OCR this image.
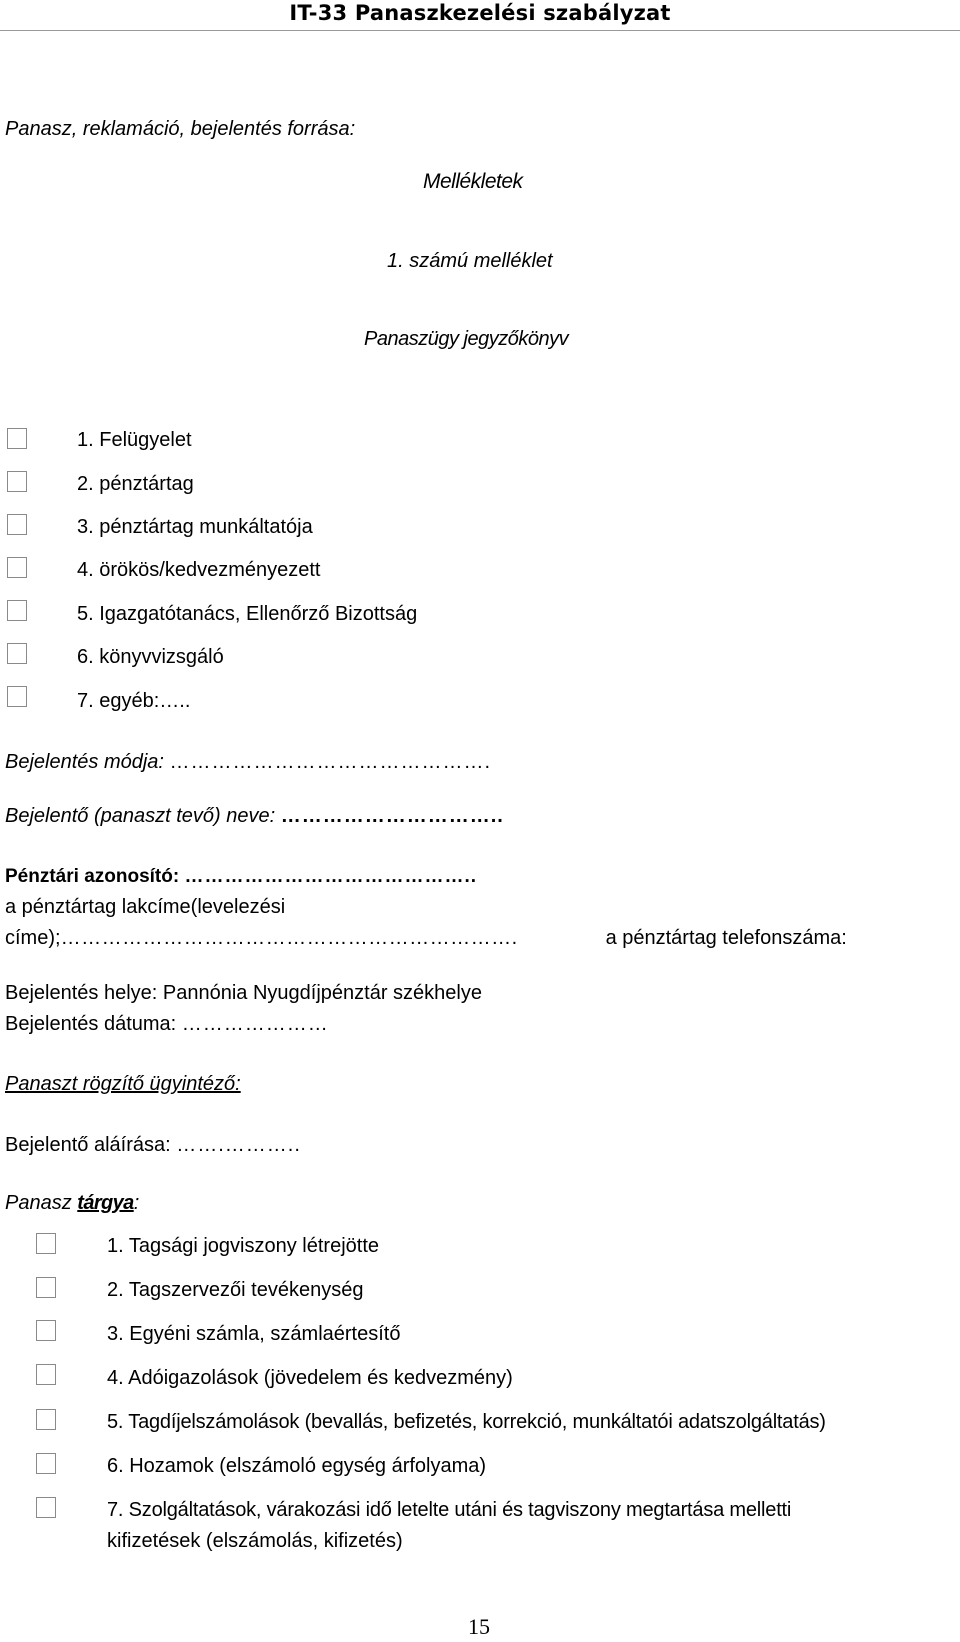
IT-33 Panaszkezelési szabályzat
Mellékletek
1. számú melléklet
Panaszügy jegyzőkönyv
Panasz, reklamáció, bejelentés forrása:
1. Felügyelet
2. pénztártag
3. pénztártag munkáltatója
4. örökös/kedvezményezett
5. Igazgatótanács, Ellenőrző Bizottság
6. könyvvizsgáló
7. egyéb:…..
Bejelentés módja: ……………………………………….
Bejelentő (panaszt tevő) neve: …………………………..
Pénztári azonosító: ……………………………………..
a pénztártag lakcíme(levelezési
címe);………………………………………………………….	a pénztártag telefonszáma:
Bejelentés helye: Pannónia Nyugdíjpénztár székhelye
Bejelentés dátuma: …………………
Panaszt rögzítő ügyintéző:
Bejelentő aláírása: …….………..
Panasz tárgya:
1. Tagsági jogviszony létrejötte
2. Tagszervezői tevékenység
3. Egyéni számla, számlaértesítő
4. Adóigazolások (jövedelem és kedvezmény)
5. Tagdíjelszámolások (bevallás, befizetés, korrekció, munkáltatói adatszolgáltatás)
6. Hozamok (elszámoló egység árfolyama)
7. Szolgáltatások, várakozási idő letelte utáni és tagviszony megtartása melletti
kifizetések (elszámolás, kifizetés)
15
